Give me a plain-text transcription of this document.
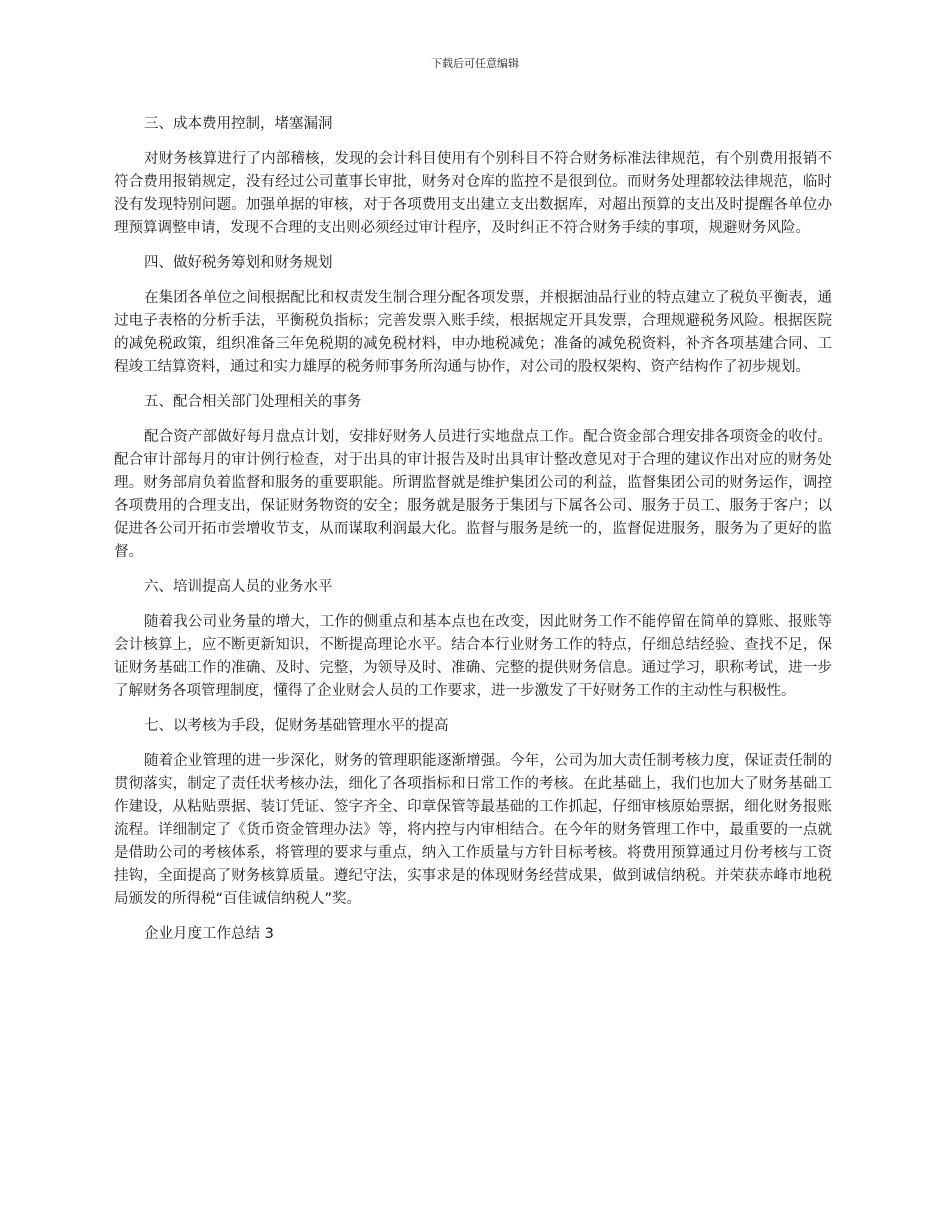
下载后可任意编辑

三、成本费用控制，堵塞漏洞

对财务核算进行了内部稽核，发现的会计科目使用有个别科目不符合财务标准法律规范，有个别费用报销不符合费用报销规定，没有经过公司董事长审批，财务对仓库的监控不是很到位。而财务处理都较法律规范，临时没有发现特别问题。加强单据的审核，对于各项费用支出建立支出数据库，对超出预算的支出及时提醒各单位办理预算调整申请，发现不合理的支出则必须经过审计程序，及时纠正不符合财务手续的事项，规避财务风险。

四、做好税务筹划和财务规划

在集团各单位之间根据配比和权责发生制合理分配各项发票，并根据油品行业的特点建立了税负平衡表，通过电子表格的分析手法，平衡税负指标；完善发票入账手续，根据规定开具发票，合理规避税务风险。根据医院的减免税政策，组织准备三年免税期的减免税材料，申办地税减免；准备的减免税资料，补齐各项基建合同、工程竣工结算资料，通过和实力雄厚的税务师事务所沟通与协作，对公司的股权架构、资产结构作了初步规划。

五、配合相关部门处理相关的事务

配合资产部做好每月盘点计划，安排好财务人员进行实地盘点工作。配合资金部合理安排各项资金的收付。配合审计部每月的审计例行检查，对于出具的审计报告及时出具审计整改意见对于合理的建议作出对应的财务处理。财务部肩负着监督和服务的重要职能。所谓监督就是维护集团公司的利益，监督集团公司的财务运作，调控各项费用的合理支出，保证财务物资的安全；服务就是服务于集团与下属各公司、服务于员工、服务于客户；以促进各公司开拓市尝增收节支，从而谋取利润最大化。监督与服务是统一的，监督促进服务，服务为了更好的监督。

六、培训提高人员的业务水平

随着我公司业务量的增大，工作的侧重点和基本点也在改变，因此财务工作不能停留在简单的算账、报账等会计核算上，应不断更新知识，不断提高理论水平。结合本行业财务工作的特点，仔细总结经验、查找不足，保证财务基础工作的准确、及时、完整，为领导及时、准确、完整的提供财务信息。通过学习，职称考试，进一步了解财务各项管理制度，懂得了企业财会人员的工作要求，进一步激发了干好财务工作的主动性与积极性。

七、以考核为手段，促财务基础管理水平的提高

随着企业管理的进一步深化，财务的管理职能逐渐增强。今年，公司为加大责任制考核力度，保证责任制的贯彻落实，制定了责任状考核办法，细化了各项指标和日常工作的考核。在此基础上，我们也加大了财务基础工作建设，从粘贴票据、装订凭证、签字齐全、印章保管等最基础的工作抓起，仔细审核原始票据，细化财务报账流程。详细制定了《货币资金管理办法》等，将内控与内审相结合。在今年的财务管理工作中，最重要的一点就是借助公司的考核体系，将管理的要求与重点，纳入工作质量与方针目标考核。将费用预算通过月份考核与工资挂钩，全面提高了财务核算质量。遵纪守法，实事求是的体现财务经营成果，做到诚信纳税。并荣获赤峰市地税局颁发的所得税“百佳诚信纳税人”奖。

企业月度工作总结 3
